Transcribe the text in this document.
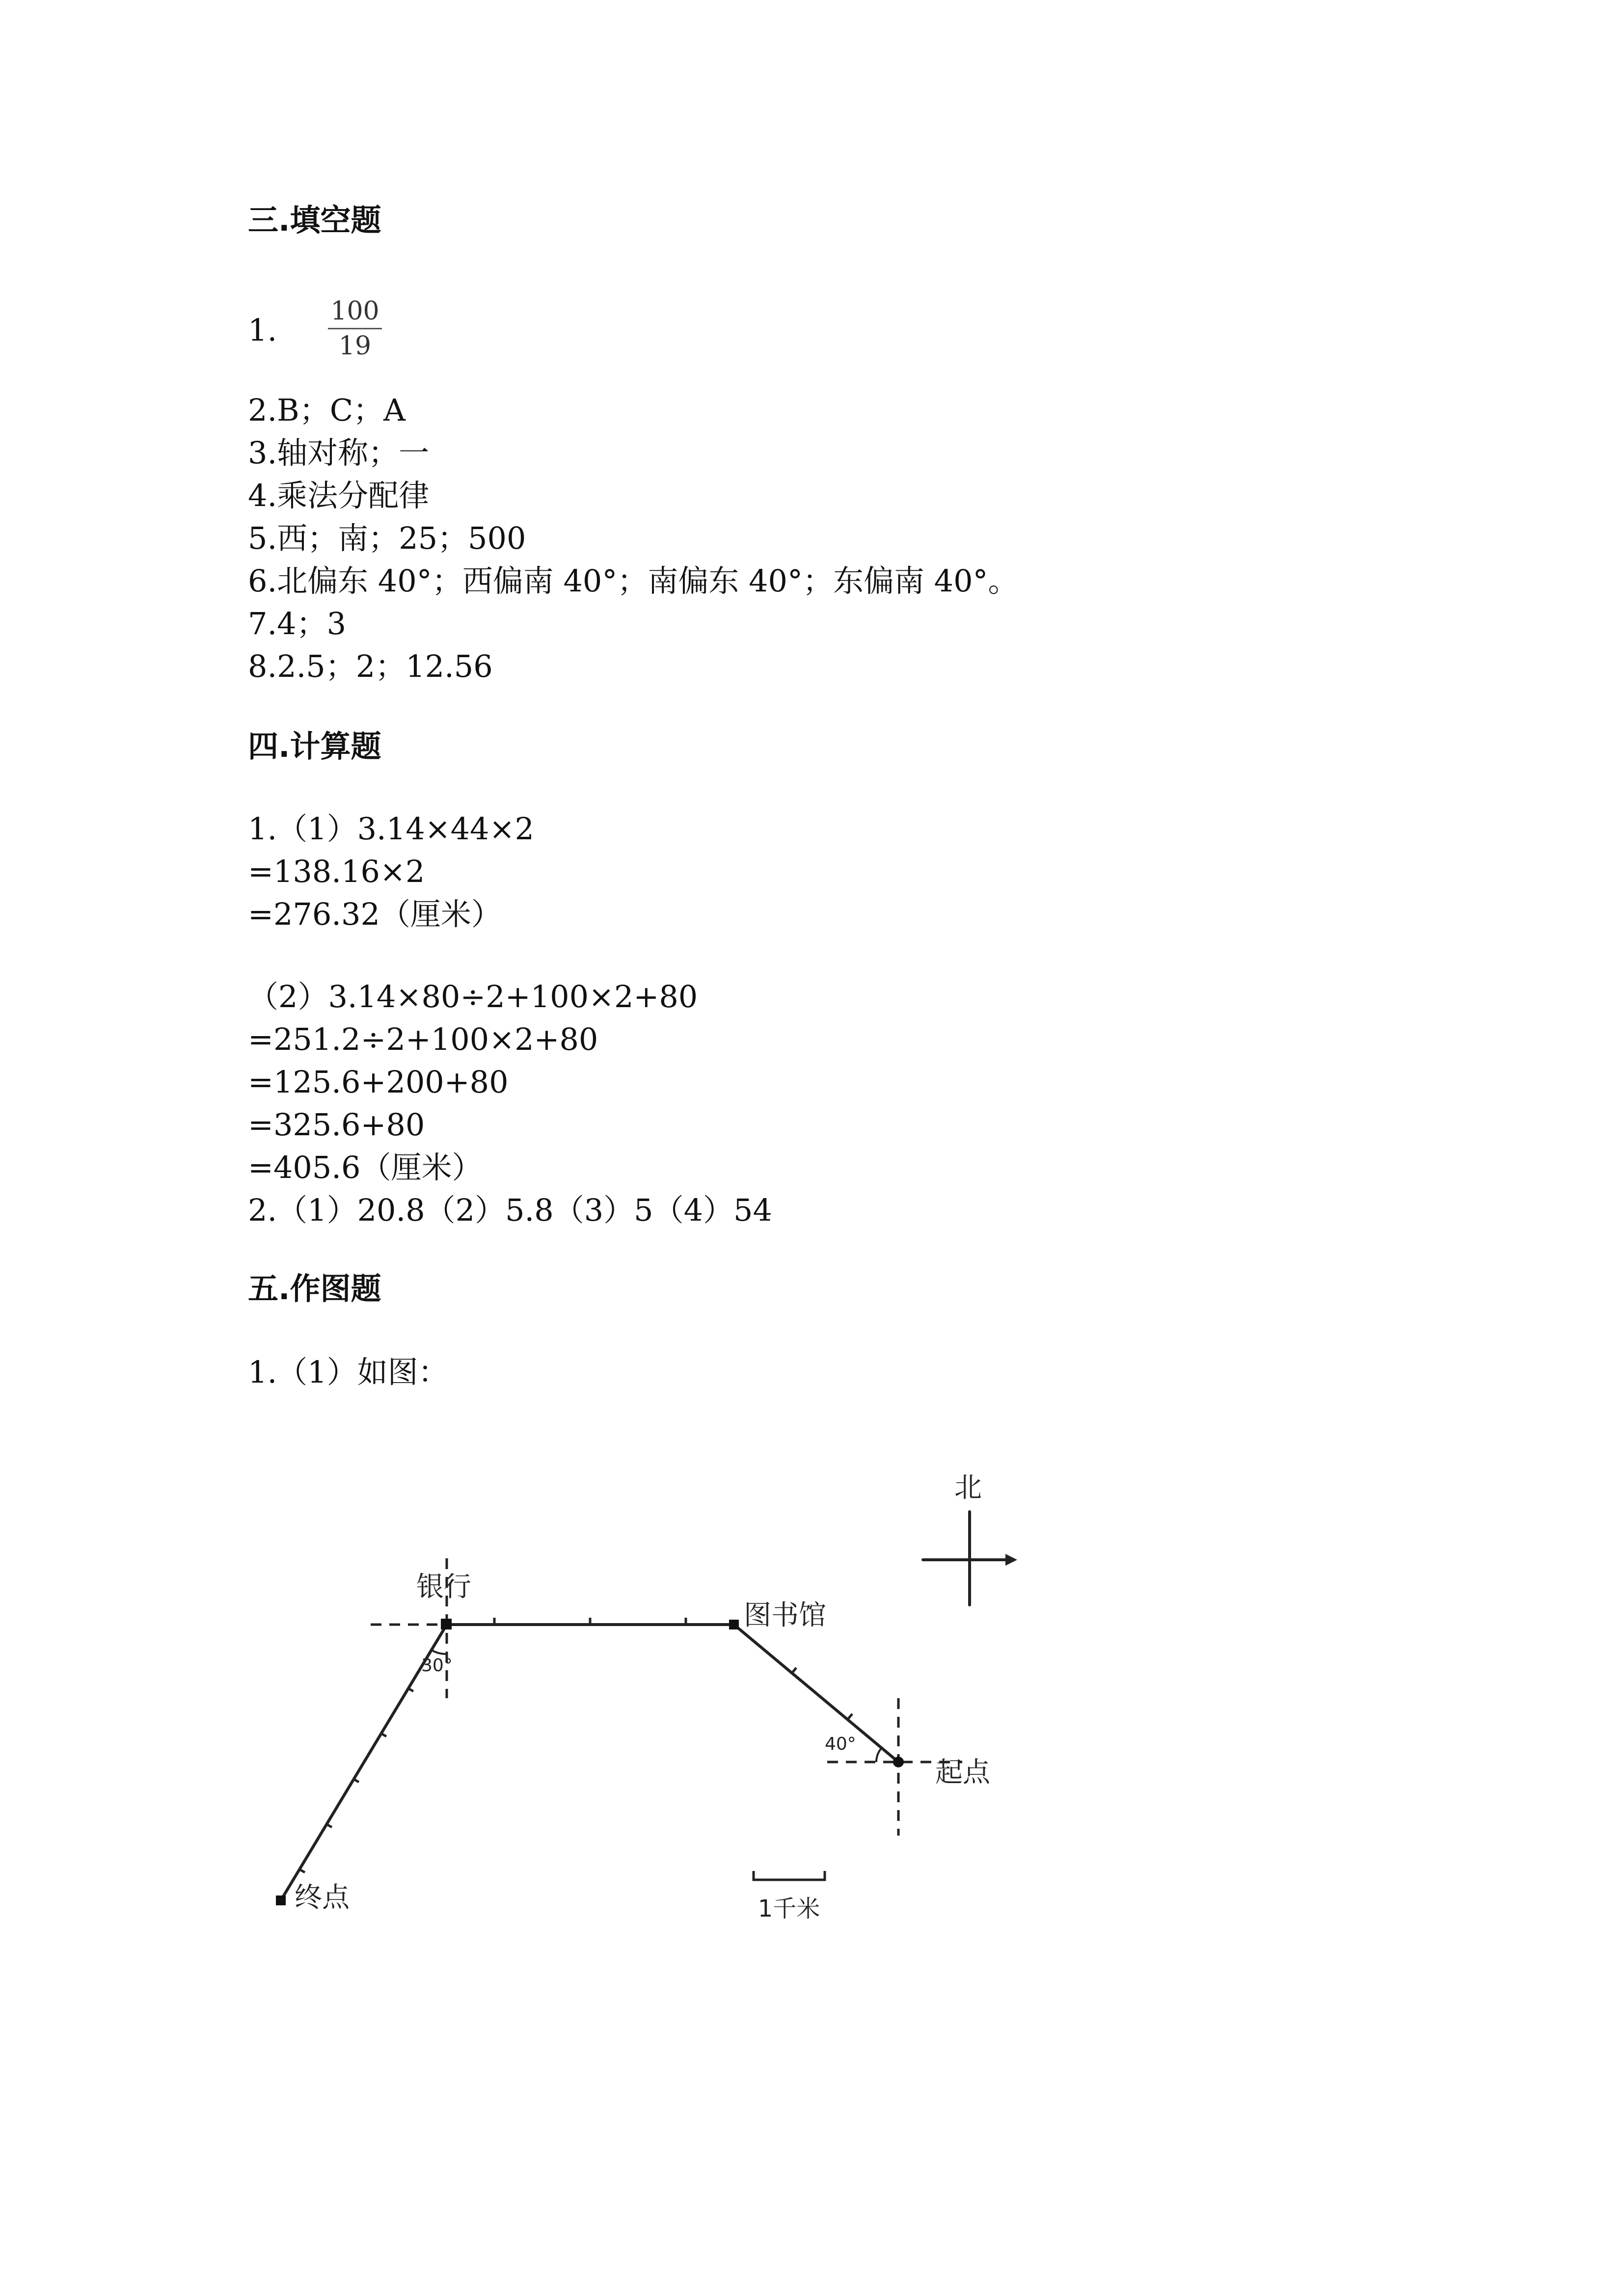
三.填空题
1. $\frac{100}{19}$
2.B；C；A
3.轴对称；一
4.乘法分配律
5.西；南；25；500
6.北偏东 40°；西偏南 40°；南偏东 40°；东偏南 40°。
7.4；3
8.2.5；2；12.56
四.计算题
1.（1）3.14×44×2
=138.16×2
=276.32（厘米）
（2）3.14×80÷2+100×2+80
=251.2÷2+100×2+80
=125.6+200+80
=325.6+80
=405.6（厘米）
2.（1）20.8（2）5.8（3）5（4）54
五.作图题
1.（1）如图：
北
银行
图书馆
起点
终点
30°
40°
1千米
